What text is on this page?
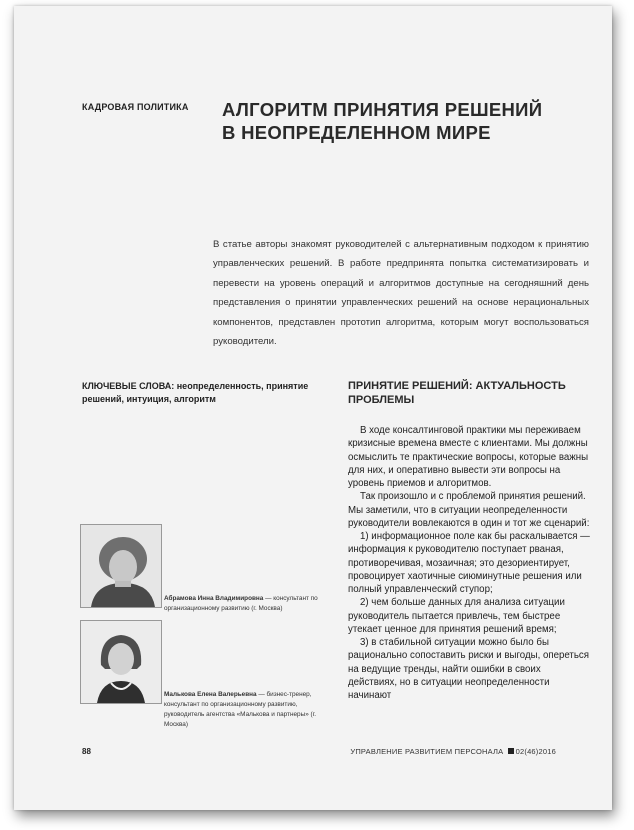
КАДРОВАЯ ПОЛИТИКА АЛГОРИТМ ПРИНЯТИЯ РЕШЕНИЙ
В НЕОПРЕДЕЛЕННОМ МИРЕ

В статье авторы знакомят руководителей с альтернативным подходом к принятию управленческих решений. В работе предпринята попытка систематизировать и перевести на уровень операций и алгоритмов доступные на сегодняшний день представления о принятии управленческих решений на основе нерациональных компонентов, представлен прототип алгоритма, которым могут воспользоваться руководители.

КЛЮЧЕВЫЕ СЛОВА: неопределенность, принятие решений, интуиция, алгоритм

Абрамова Инна Владимировна — консультант по организационному развитию (г. Москва)

Малькова Елена Валерьевна — бизнес-тренер, консультант по организационному развитию, руководитель агентства «Малькова и партнеры» (г. Москва)

ПРИНЯТИЕ РЕШЕНИЙ: АКТУАЛЬНОСТЬ
ПРОБЛЕМЫ

В ходе консалтинговой практики мы переживаем кризисные времена вместе с клиентами. Мы должны осмыслить те практические вопросы, которые важны для них, и оперативно вывести эти вопросы на уровень приемов и алгоритмов.

Так произошло и с проблемой принятия решений. Мы заметили, что в ситуации неопределенности руководители вовлекаются в один и тот же сценарий:

1) информационное поле как бы раскалывается — информация к руководителю поступает рваная, противоречивая, мозаичная; это дезориентирует, провоцирует хаотичные сиюминутные решения или полный управленческий ступор;

2) чем больше данных для анализа ситуации руководитель пытается привлечь, тем быстрее утекает ценное для принятия решений время;

3) в стабильной ситуации можно было бы рационально сопоставить риски и выгоды, опереться на ведущие тренды, найти ошибки в своих действиях, но в ситуации неопределенности начинают

88	УПРАВЛЕНИЕ РАЗВИТИЕМ ПЕРСОНАЛА 02(46)2016
